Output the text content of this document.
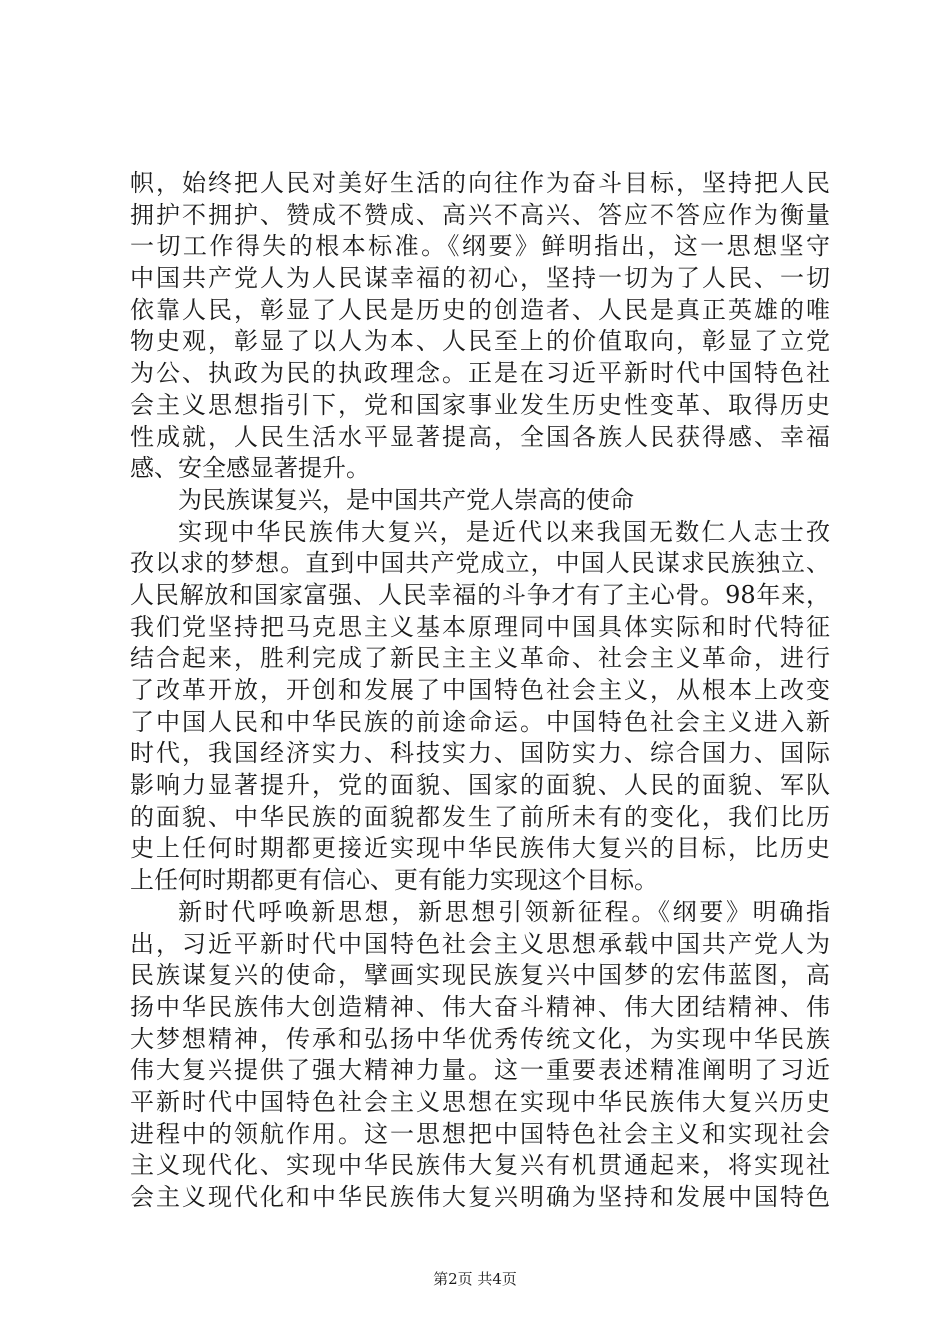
帜，始终把人民对美好生活的向往作为奋斗目标，坚持把人民
拥护不拥护、赞成不赞成、高兴不高兴、答应不答应作为衡量
一切工作得失的根本标准。《纲要》鲜明指出，这一思想坚守
中国共产党人为人民谋幸福的初心，坚持一切为了人民、一切
依靠人民，彰显了人民是历史的创造者、人民是真正英雄的唯
物史观，彰显了以人为本、人民至上的价值取向，彰显了立党
为公、执政为民的执政理念。正是在习近平新时代中国特色社
会主义思想指引下，党和国家事业发生历史性变革、取得历史
性成就，人民生活水平显著提高，全国各族人民获得感、幸福
感、安全感显著提升。
为民族谋复兴，是中国共产党人崇高的使命
实现中华民族伟大复兴，是近代以来我国无数仁人志士孜
孜以求的梦想。直到中国共产党成立，中国人民谋求民族独立、
人民解放和国家富强、人民幸福的斗争才有了主心骨。98年来，
我们党坚持把马克思主义基本原理同中国具体实际和时代特征
结合起来，胜利完成了新民主主义革命、社会主义革命，进行
了改革开放，开创和发展了中国特色社会主义，从根本上改变
了中国人民和中华民族的前途命运。中国特色社会主义进入新
时代，我国经济实力、科技实力、国防实力、综合国力、国际
影响力显著提升，党的面貌、国家的面貌、人民的面貌、军队
的面貌、中华民族的面貌都发生了前所未有的变化，我们比历
史上任何时期都更接近实现中华民族伟大复兴的目标，比历史
上任何时期都更有信心、更有能力实现这个目标。
新时代呼唤新思想，新思想引领新征程。《纲要》明确指
出，习近平新时代中国特色社会主义思想承载中国共产党人为
民族谋复兴的使命，擘画实现民族复兴中国梦的宏伟蓝图，高
扬中华民族伟大创造精神、伟大奋斗精神、伟大团结精神、伟
大梦想精神，传承和弘扬中华优秀传统文化，为实现中华民族
伟大复兴提供了强大精神力量。这一重要表述精准阐明了习近
平新时代中国特色社会主义思想在实现中华民族伟大复兴历史
进程中的领航作用。这一思想把中国特色社会主义和实现社会
主义现代化、实现中华民族伟大复兴有机贯通起来，将实现社
会主义现代化和中华民族伟大复兴明确为坚持和发展中国特色
第2页 共4页
